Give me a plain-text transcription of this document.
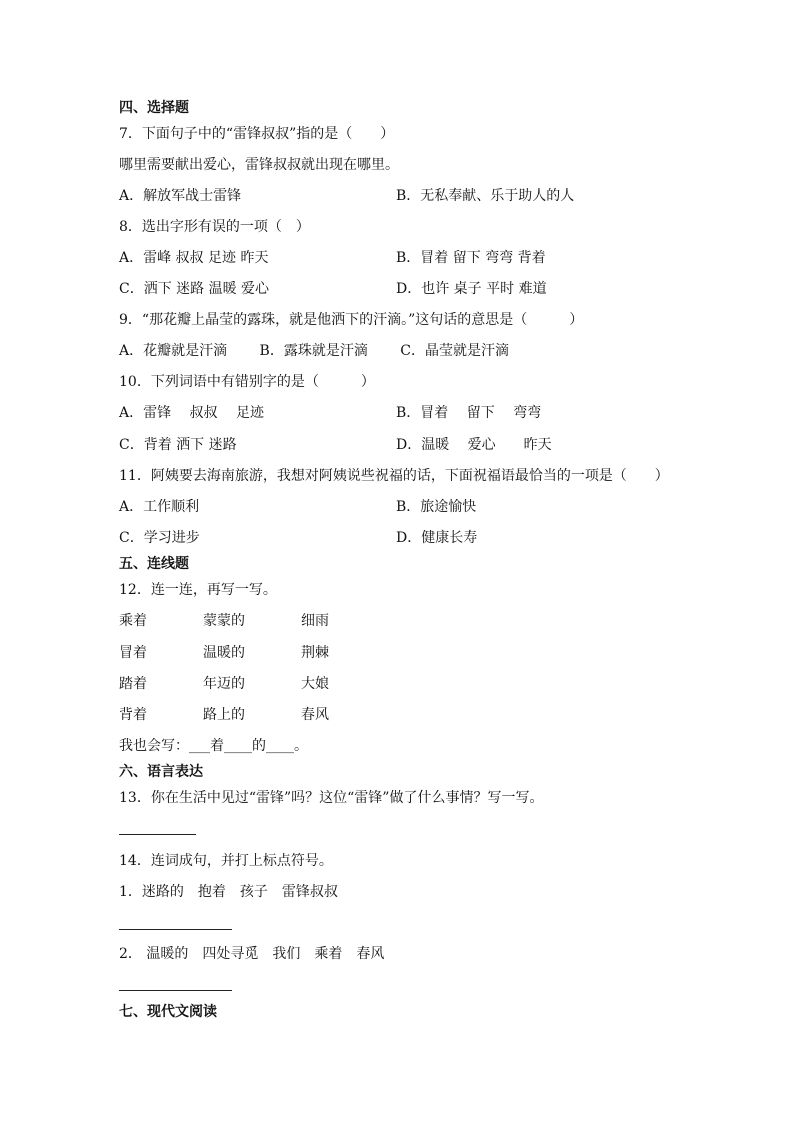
四、选择题
7．下面句子中的“雷锋叔叔”指的是（　　）
哪里需要献出爱心，雷锋叔叔就出现在哪里。
A．解放军战士雷锋	B．无私奉献、乐于助人的人
8．选出字形有误的一项（　）
A．雷峰 叔叔 足迹 昨天	B．冒着 留下 弯弯 背着
C．洒下 迷路 温暖 爱心	D．也许 桌子 平时 难道
9．“那花瓣上晶莹的露珠，就是他洒下的汗滴。”这句话的意思是（　　　）
A．花瓣就是汗滴　　 B．露珠就是汗滴　　 C．晶莹就是汗滴
10．下列词语中有错别字的是（　　　）
A．雷锋　 叔叔　 足迹	B．冒着　 留下　 弯弯
C．背着 洒下 迷路	D．温暖　 爱心　　昨天
11．阿姨要去海南旅游，我想对阿姨说些祝福的话，下面祝福语最恰当的一项是（　　）
A．工作顺利	B．旅途愉快
C．学习进步	D．健康长寿
五、连线题
12．连一连，再写一写。
乘着	蒙蒙的	细雨
冒着	温暖的	荆棘
踏着	年迈的	大娘
背着	路上的	春风
我也会写：___着____的____。
六、语言表达
13．你在生活中见过“雷锋”吗？这位“雷锋”做了什么事情？写一写。
14．连词成句，并打上标点符号。
1．迷路的　抱着　孩子　雷锋叔叔
2． 温暖的　四处寻觅　我们　乘着　春风
七、现代文阅读
